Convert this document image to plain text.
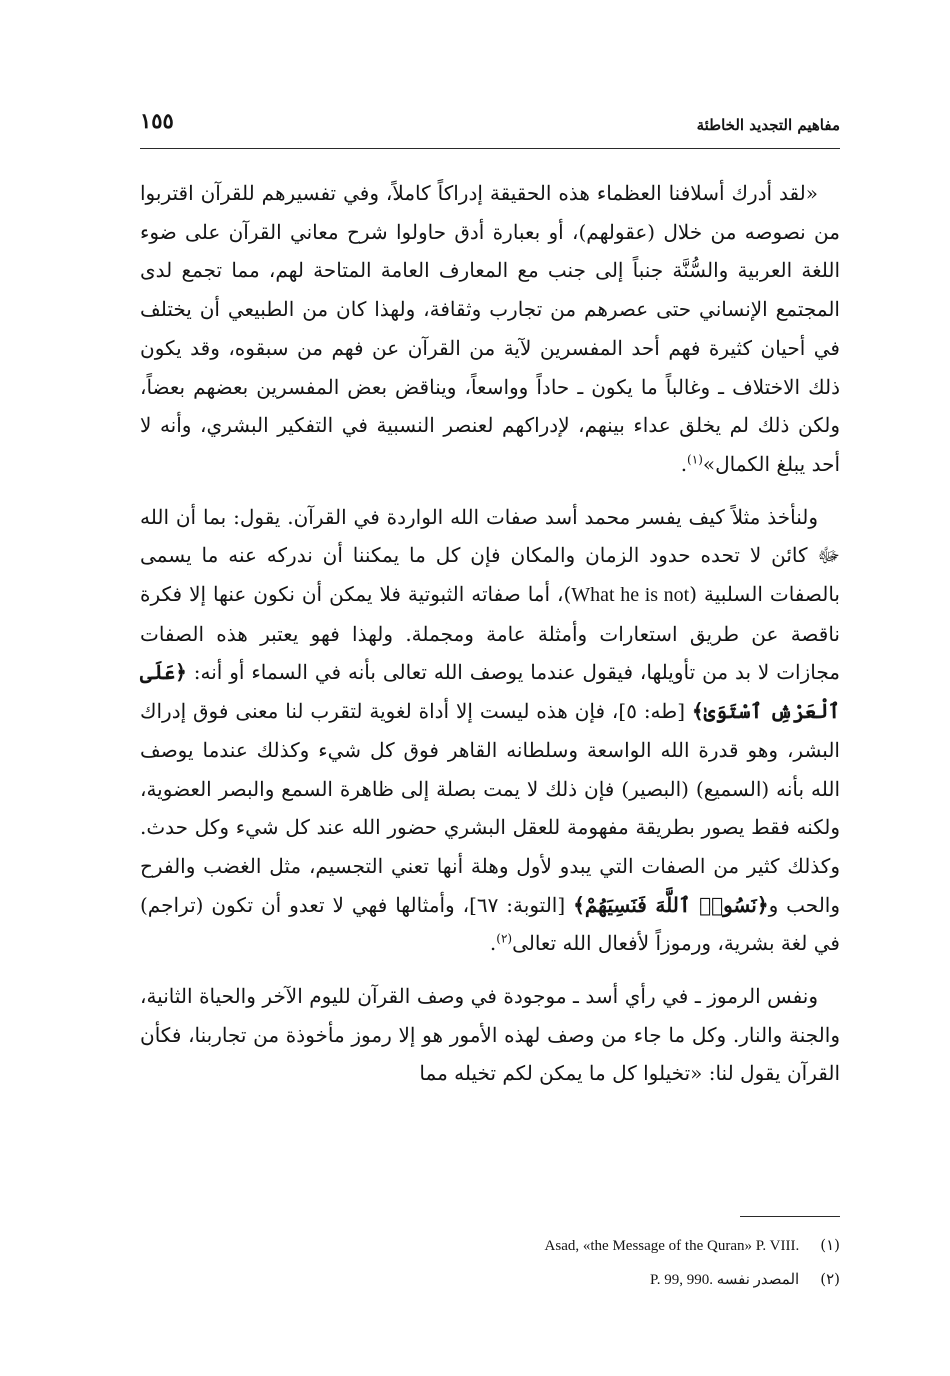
مفاهيم التجديد الخاطئة
١٥٥

«لقد أدرك أسلافنا العظماء هذه الحقيقة إدراكاً كاملاً، وفي تفسيرهم للقرآن اقتربوا من نصوصه من خلال (عقولهم)، أو بعبارة أدق حاولوا شرح معاني القرآن على ضوء اللغة العربية والسُّنَّة جنباً إلى جنب مع المعارف العامة المتاحة لهم، مما تجمع لدى المجتمع الإنساني حتى عصرهم من تجارب وثقافة، ولهذا كان من الطبيعي أن يختلف في أحيان كثيرة فهم أحد المفسرين لآية من القرآن عن فهم من سبقوه، وقد يكون ذلك الاختلاف ـ وغالباً ما يكون ـ حاداً وواسعاً، ويناقض بعض المفسرين بعضهم بعضاً، ولكن ذلك لم يخلق عداء بينهم، لإدراكهم لعنصر النسبية في التفكير البشري، وأنه لا أحد يبلغ الكمال»$^{(١)}$.

ولنأخذ مثلاً كيف يفسر محمد أسد صفات الله الواردة في القرآن. يقول: بما أن الله ﷻ كائن لا تحده حدود الزمان والمكان فإن كل ما يمكننا أن ندركه عنه ما يسمى بالصفات السلبية (What he is not)، أما صفاته الثبوتية فلا يمكن أن نكون عنها إلا فكرة ناقصة عن طريق استعارات وأمثلة عامة ومجملة. ولهذا فهو يعتبر هذه الصفات مجازات لا بد من تأويلها، فيقول عندما يوصف الله تعالى بأنه في السماء أو أنه: ﴿عَلَى ٱلْعَرْشِ ٱسْتَوَىٰ﴾ [طه: ٥]، فإن هذه ليست إلا أداة لغوية لتقرب لنا معنى فوق إدراك البشر، وهو قدرة الله الواسعة وسلطانه القاهر فوق كل شيء وكذلك عندما يوصف الله بأنه (السميع) (البصير) فإن ذلك لا يمت بصلة إلى ظاهرة السمع والبصر العضوية، ولكنه فقط يصور بطريقة مفهومة للعقل البشري حضور الله عند كل شيء وكل حدث. وكذلك كثير من الصفات التي يبدو لأول وهلة أنها تعني التجسيم، مثل الغضب والفرح والحب و﴿نَسُوا۟ ٱللَّهَ فَنَسِيَهُمْ﴾ [التوبة: ٦٧]، وأمثالها فهي لا تعدو أن تكون (تراجم) في لغة بشرية، ورموزاً لأفعال الله تعالى$^{(٢)}$.

ونفس الرموز ـ في رأي أسد ـ موجودة في وصف القرآن لليوم الآخر والحياة الثانية، والجنة والنار. وكل ما جاء من وصف لهذه الأمور هو إلا رموز مأخوذة من تجاربنا، فكأن القرآن يقول لنا: «تخيلوا كل ما يمكن لكم تخيله مما

(١) Asad, «the Message of the Quran» P. VIII.
(٢) المصدر نفسه .P. 99, 990
